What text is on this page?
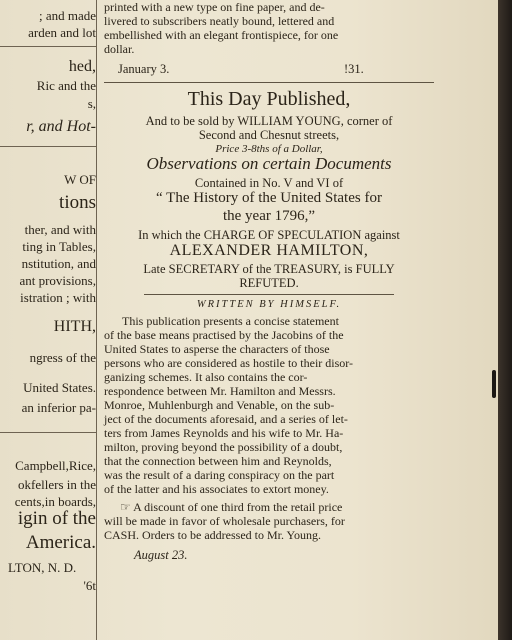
; and made
arden and lot
hed,
Ric and the
s,
r, and Hot-
W OF
tions
ther, and with
ting in Tables,
nstitution, and
ant provisions,
istration ; with
HITH,
ngress of the
United States.
an inferior pa-
Campbell,Rice,
okfellers in the
cents,in boards,
igin of the
America.
LTON, N. D.
'6t
printed with a new type on fine paper, and de-
livered to subscribers neatly bound, lettered and
embellished with an elegant frontispiece, for one
dollar.
January 3.	!31.
This Day Published,
And to be sold by WILLIAM YOUNG, corner of
Second and Chesnut streets,
Price 3-8ths of a Dollar,
Observations on certain Documents
Contained in No. V and VI of
“ The History of the United States for
the year 1796,”
In which the CHARGE OF SPECULATION against
ALEXANDER HAMILTON,
Late SECRETARY of the TREASURY, is FULLY
REFUTED.
WRITTEN BY HIMSELF.
This publication presents a concise statement
of the base means practised by the Jacobins of the
United States to asperse the characters of those
persons who are considered as hostile to their disor-
ganizing schemes. It also contains the cor-
respondence between Mr. Hamilton and Messrs.
Monroe, Muhlenburgh and Venable, on the sub-
ject of the documents aforesaid, and a series of let-
ters from James Reynolds and his wife to Mr. Ha-
milton, proving beyond the possibility of a doubt,
that the connection between him and Reynolds,
was the result of a daring conspiracy on the part
of the latter and his associates to extort money.
☞ A discount of one third from the retail price
will be made in favor of wholesale purchasers, for
CASH. Orders to be addressed to Mr. Young.
August 23.
